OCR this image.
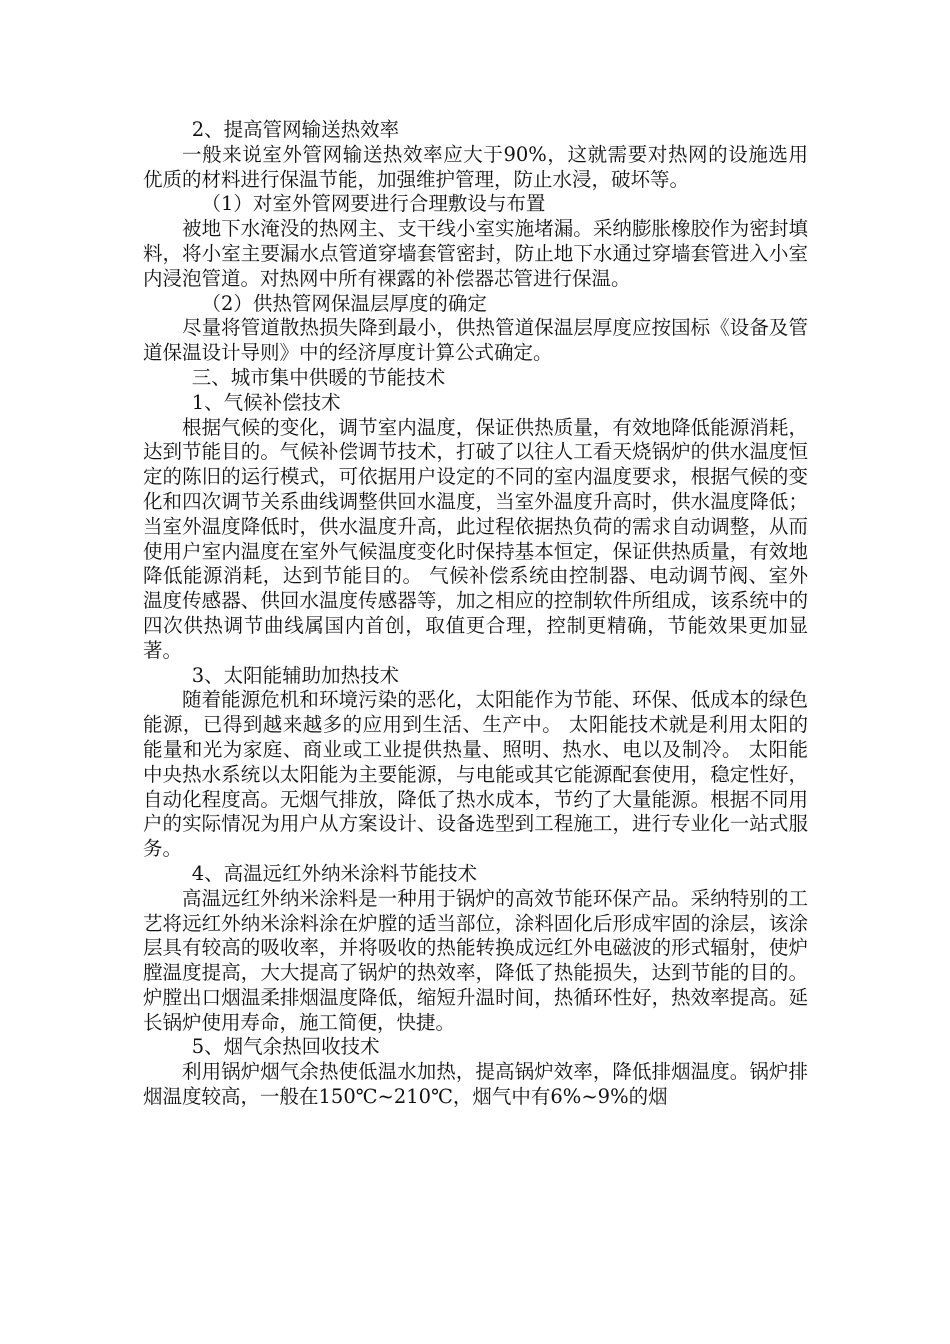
2、提高管网输送热效率

一般来说室外管网输送热效率应大于90%，这就需要对热网的设施选用优质的材料进行保温节能，加强维护管理，防止水浸，破坏等。

（1）对室外管网要进行合理敷设与布置

被地下水淹没的热网主、支干线小室实施堵漏。采纳膨胀橡胶作为密封填料，将小室主要漏水点管道穿墙套管密封，防止地下水通过穿墙套管进入小室内浸泡管道。对热网中所有裸露的补偿器芯管进行保温。

（2）供热管网保温层厚度的确定

尽量将管道散热损失降到最小，供热管道保温层厚度应按国标《设备及管道保温设计导则》中的经济厚度计算公式确定。

三、城市集中供暖的节能技术

1、气候补偿技术

根据气候的变化，调节室内温度，保证供热质量，有效地降低能源消耗，达到节能目的。气候补偿调节技术，打破了以往人工看天烧锅炉的供水温度恒定的陈旧的运行模式，可依据用户设定的不同的室内温度要求，根据气候的变化和四次调节关系曲线调整供回水温度，当室外温度升高时，供水温度降低；当室外温度降低时，供水温度升高，此过程依据热负荷的需求自动调整，从而使用户室内温度在室外气候温度变化时保持基本恒定，保证供热质量，有效地降低能源消耗，达到节能目的。 气候补偿系统由控制器、电动调节阀、室外温度传感器、供回水温度传感器等，加之相应的控制软件所组成，该系统中的四次供热调节曲线属国内首创，取值更合理，控制更精确，节能效果更加显著。

3、太阳能辅助加热技术

随着能源危机和环境污染的恶化，太阳能作为节能、环保、低成本的绿色能源，已得到越来越多的应用到生活、生产中。 太阳能技术就是利用太阳的能量和光为家庭、商业或工业提供热量、照明、热水、电以及制冷。 太阳能中央热水系统以太阳能为主要能源，与电能或其它能源配套使用，稳定性好，自动化程度高。无烟气排放，降低了热水成本，节约了大量能源。根据不同用户的实际情况为用户从方案设计、设备选型到工程施工，进行专业化一站式服务。

4、高温远红外纳米涂料节能技术

高温远红外纳米涂料是一种用于锅炉的高效节能环保产品。采纳特别的工艺将远红外纳米涂料涂在炉膛的适当部位，涂料固化后形成牢固的涂层，该涂层具有较高的吸收率，并将吸收的热能转换成远红外电磁波的形式辐射，使炉膛温度提高，大大提高了锅炉的热效率，降低了热能损失，达到节能的目的。炉膛出口烟温柔排烟温度降低，缩短升温时间，热循环性好，热效率提高。延长锅炉使用寿命，施工简便，快捷。

5、烟气余热回收技术

利用锅炉烟气余热使低温水加热，提高锅炉效率，降低排烟温度。锅炉排烟温度较高，一般在150℃~210℃，烟气中有6%~9%的烟
